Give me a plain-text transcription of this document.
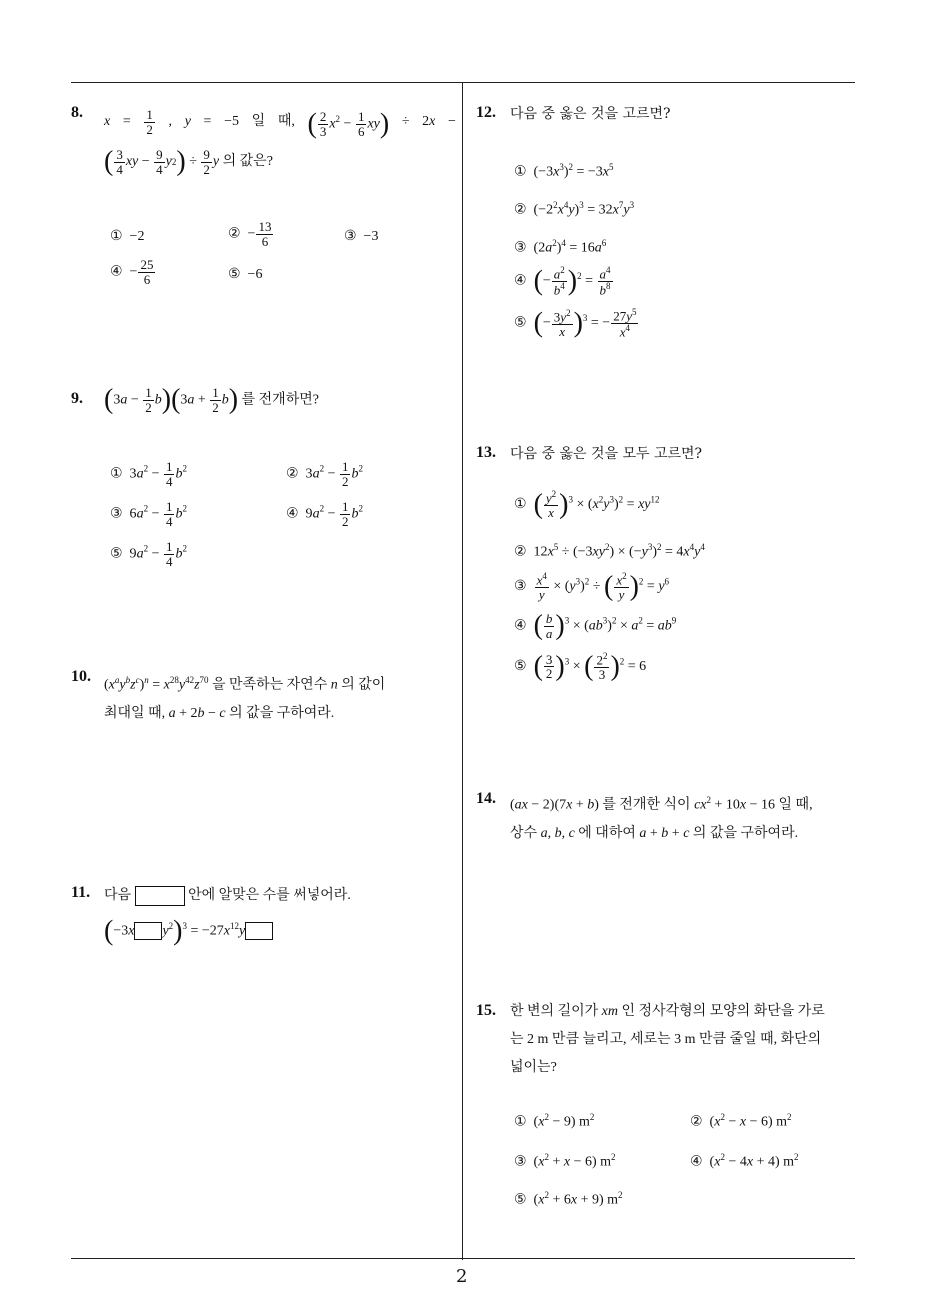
8.
$x = \frac{1}{2}$ , y = −5 일 때, ( $\frac{2}{3} x^2 - \frac{1}{6} xy) \div 2x$ −
( $\frac{3}{4}$ xy − $\frac{9}{4}$ y 2 ) ÷ $\frac{9}{2}$ y 의 값은?
①  −2	②  − $\frac{13}{6}$	③  −3
④  − $\frac{25}{6}$	⑤  −6
9. $(3a - \frac{1}{2} b)(3a + \frac{1}{2} b)$ 를 전개하면?
①  $3a^2 - \frac{1}{4} b^2$	②  $3a^2 - \frac{1}{2} b^2$
③  $6a^2 - \frac{1}{4} b^2$	④  $9a^2 - \frac{1}{2} b^2$
⑤  $9a^2 - \frac{1}{4} b^2$
10.
$(x^ay^bz^c)^n = x^{28}y^{42}z^{70}$ 을 만족하는 자연수 n 의 값이
최대일 때, a + 2b − c 의 값을 구하여라.
11. 다음	안에 알맞은 수를 써넣어라.
(−3x $y^2)^3 = -27x^{12}y$
12. 다음 중 옳은 것을 고르면?
①  $(-3x^3)^2 = -3x^5$
②  $(-2^2x^4y)^3 = 32x^7y^3$
③  $(2a^2)^4 = 16a^6$
④  (− $\frac{a^2}{b^4} )^2 = \frac{a^4}{b^8}$
⑤  (− $\frac{3y^2}{x} )^3$ = − $\frac{27y^5}{x^4}$
13. 다음 중 옳은 것을 모두 고르면?
①  ( $\frac{y^2}{x} )^3 \times (x^2y^3)^2 = xy^{12}$
②  $12x^5 \div (-3xy^2) \times (-y^3)^2 = 4x^4y^4$
③ $\frac{x^4}{y} \times (y^3)^2$ ÷ ( $\frac{x^2}{y} )^2 = y^6$
④  ( $\frac{b}{a} )^3 \times (ab^3)^2 \times a^2 = ab^9$
⑤  ( $\frac{3}{2} )^3$ × ( $\frac{2^2}{3} )^2 = 6$
14. (ax − 2)(7x + b) 를 전개한 식이 $cx^2 + 10x - 16$ 일 때,
상수 a, b, c 에 대하여 a + b + c 의 값을 구하여라.
15. 한 변의 길이가 xm 인 정사각형의 모양의 화단을 가로
는 2 m 만큼 늘리고, 세로는 3 m 만큼 줄일 때, 화단의
넓이는?
①  $(x^2 - 9)$ $m^2$	②  $(x^2 - x - 6)$ $m^2$
③  $(x^2 + x - 6)$ $m^2$	④  $(x^2 - 4x + 4)$ $m^2$
⑤  $(x^2 + 6x + 9)$ $m^2$
2
